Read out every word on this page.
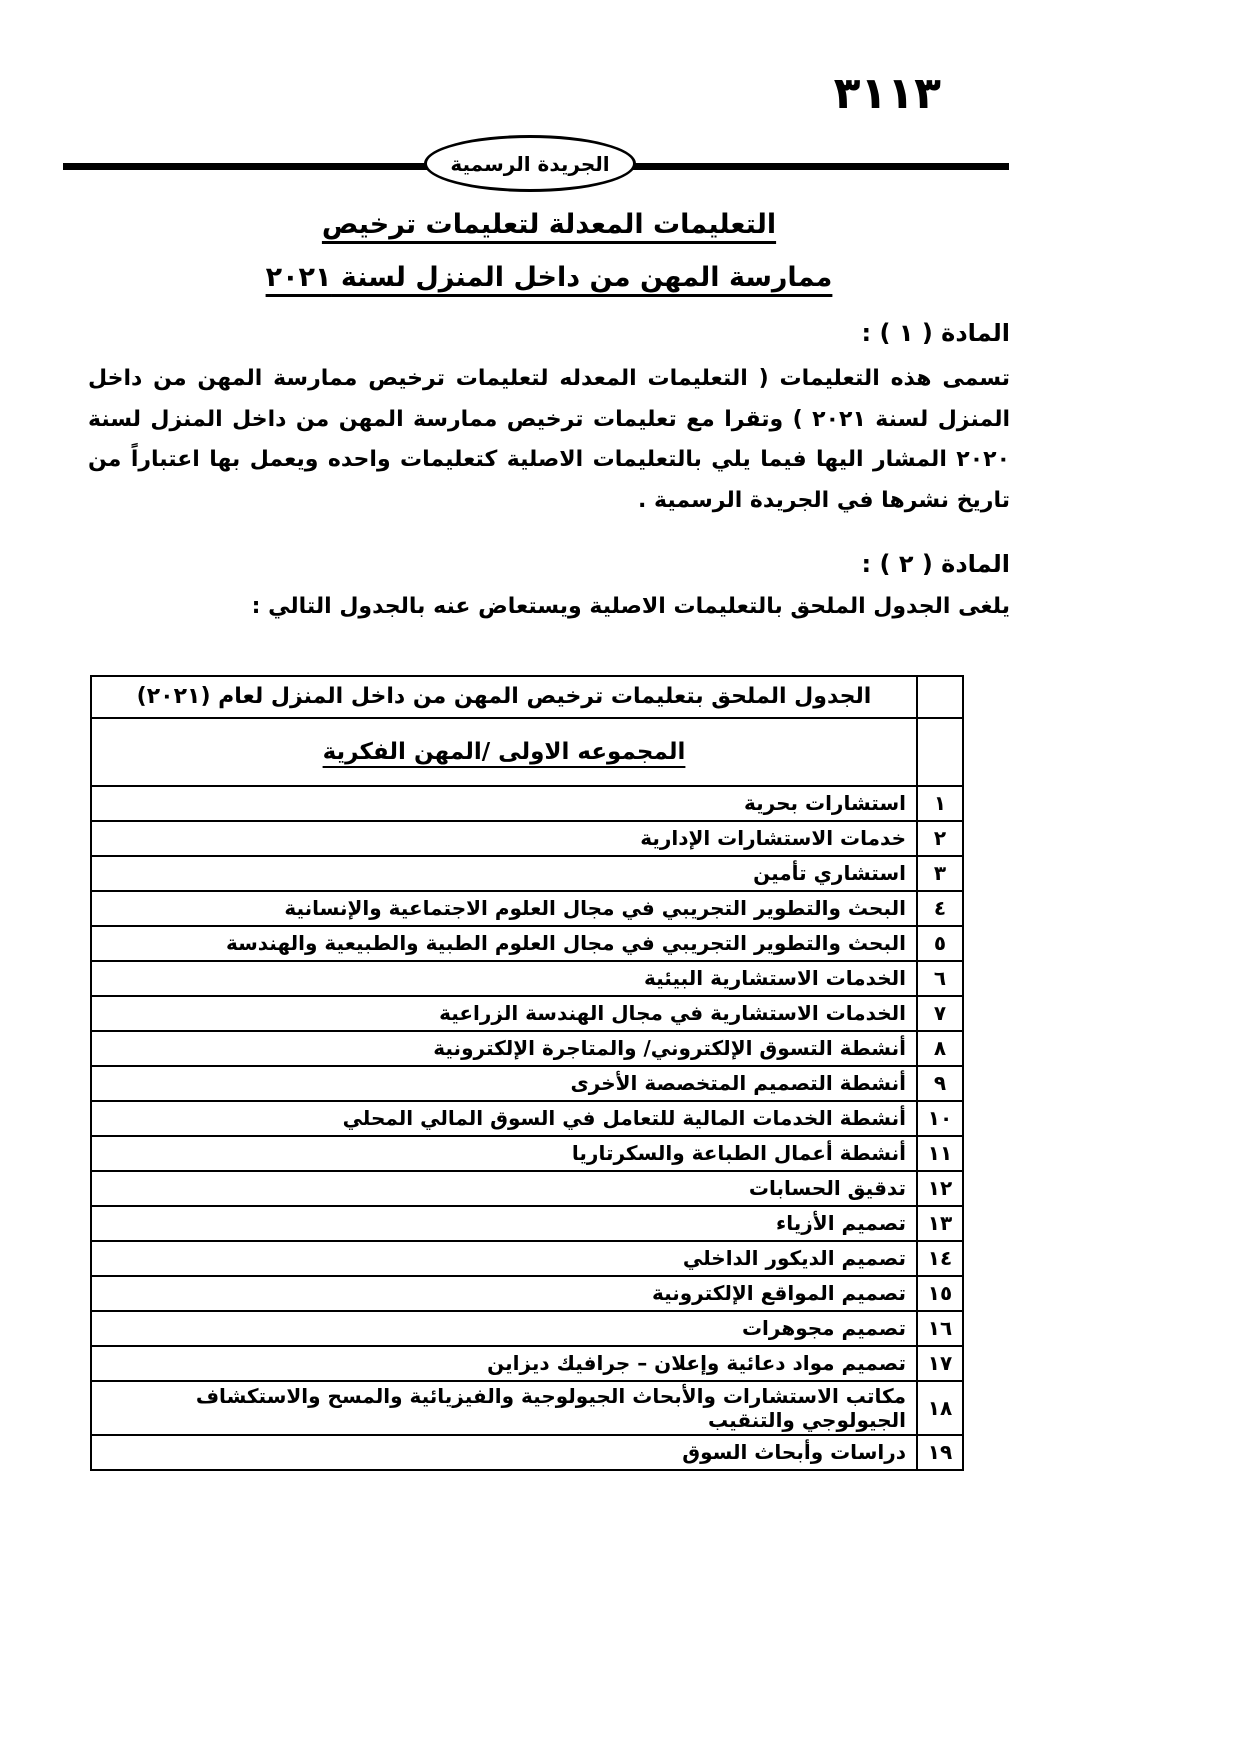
٣١١٣
الجريدة الرسمية
التعليمات المعدلة لتعليمات ترخيص
ممارسة المهن من داخل المنزل لسنة ٢٠٢١
المادة ( ١ ) :

تسمى هذه التعليمات ( التعليمات المعدله لتعليمات ترخيص ممارسة المهن من داخل المنزل لسنة ٢٠٢١ ) وتقرا مع تعليمات ترخيص ممارسة المهن من داخل المنزل لسنة ٢٠٢٠ المشار اليها فيما يلي بالتعليمات الاصلية كتعليمات واحده ويعمل بها اعتباراً من تاريخ نشرها في الجريدة الرسمية .

المادة ( ٢ ) :

يلغى الجدول الملحق بالتعليمات الاصلية ويستعاض عنه بالجدول التالي :

	الجدول الملحق بتعليمات ترخيص المهن من داخل المنزل لعام (٢٠٢١)
	المجموعه الاولى /المهن الفكرية
١	استشارات بحرية
٢	خدمات الاستشارات الإدارية
٣	استشاري تأمين
٤	البحث والتطوير التجريبي في مجال العلوم الاجتماعية والإنسانية
٥	البحث والتطوير التجريبي في مجال العلوم الطبية والطبيعية والهندسة
٦	الخدمات الاستشارية البيئية
٧	الخدمات الاستشارية في مجال الهندسة الزراعية
٨	أنشطة التسوق الإلكتروني/ والمتاجرة الإلكترونية
٩	أنشطة التصميم المتخصصة الأخرى
١٠	أنشطة الخدمات المالية للتعامل في السوق المالي المحلي
١١	أنشطة أعمال الطباعة والسكرتاريا
١٢	تدقيق الحسابات
١٣	تصميم الأزياء
١٤	تصميم الديكور الداخلي
١٥	تصميم المواقع الإلكترونية
١٦	تصميم مجوهرات
١٧	تصميم مواد دعائية وإعلان – جرافيك ديزاين
١٨	مكاتب الاستشارات والأبحاث الجيولوجية والفيزيائية والمسح والاستكشاف الجيولوجي والتنقيب
١٩	دراسات وأبحاث السوق
